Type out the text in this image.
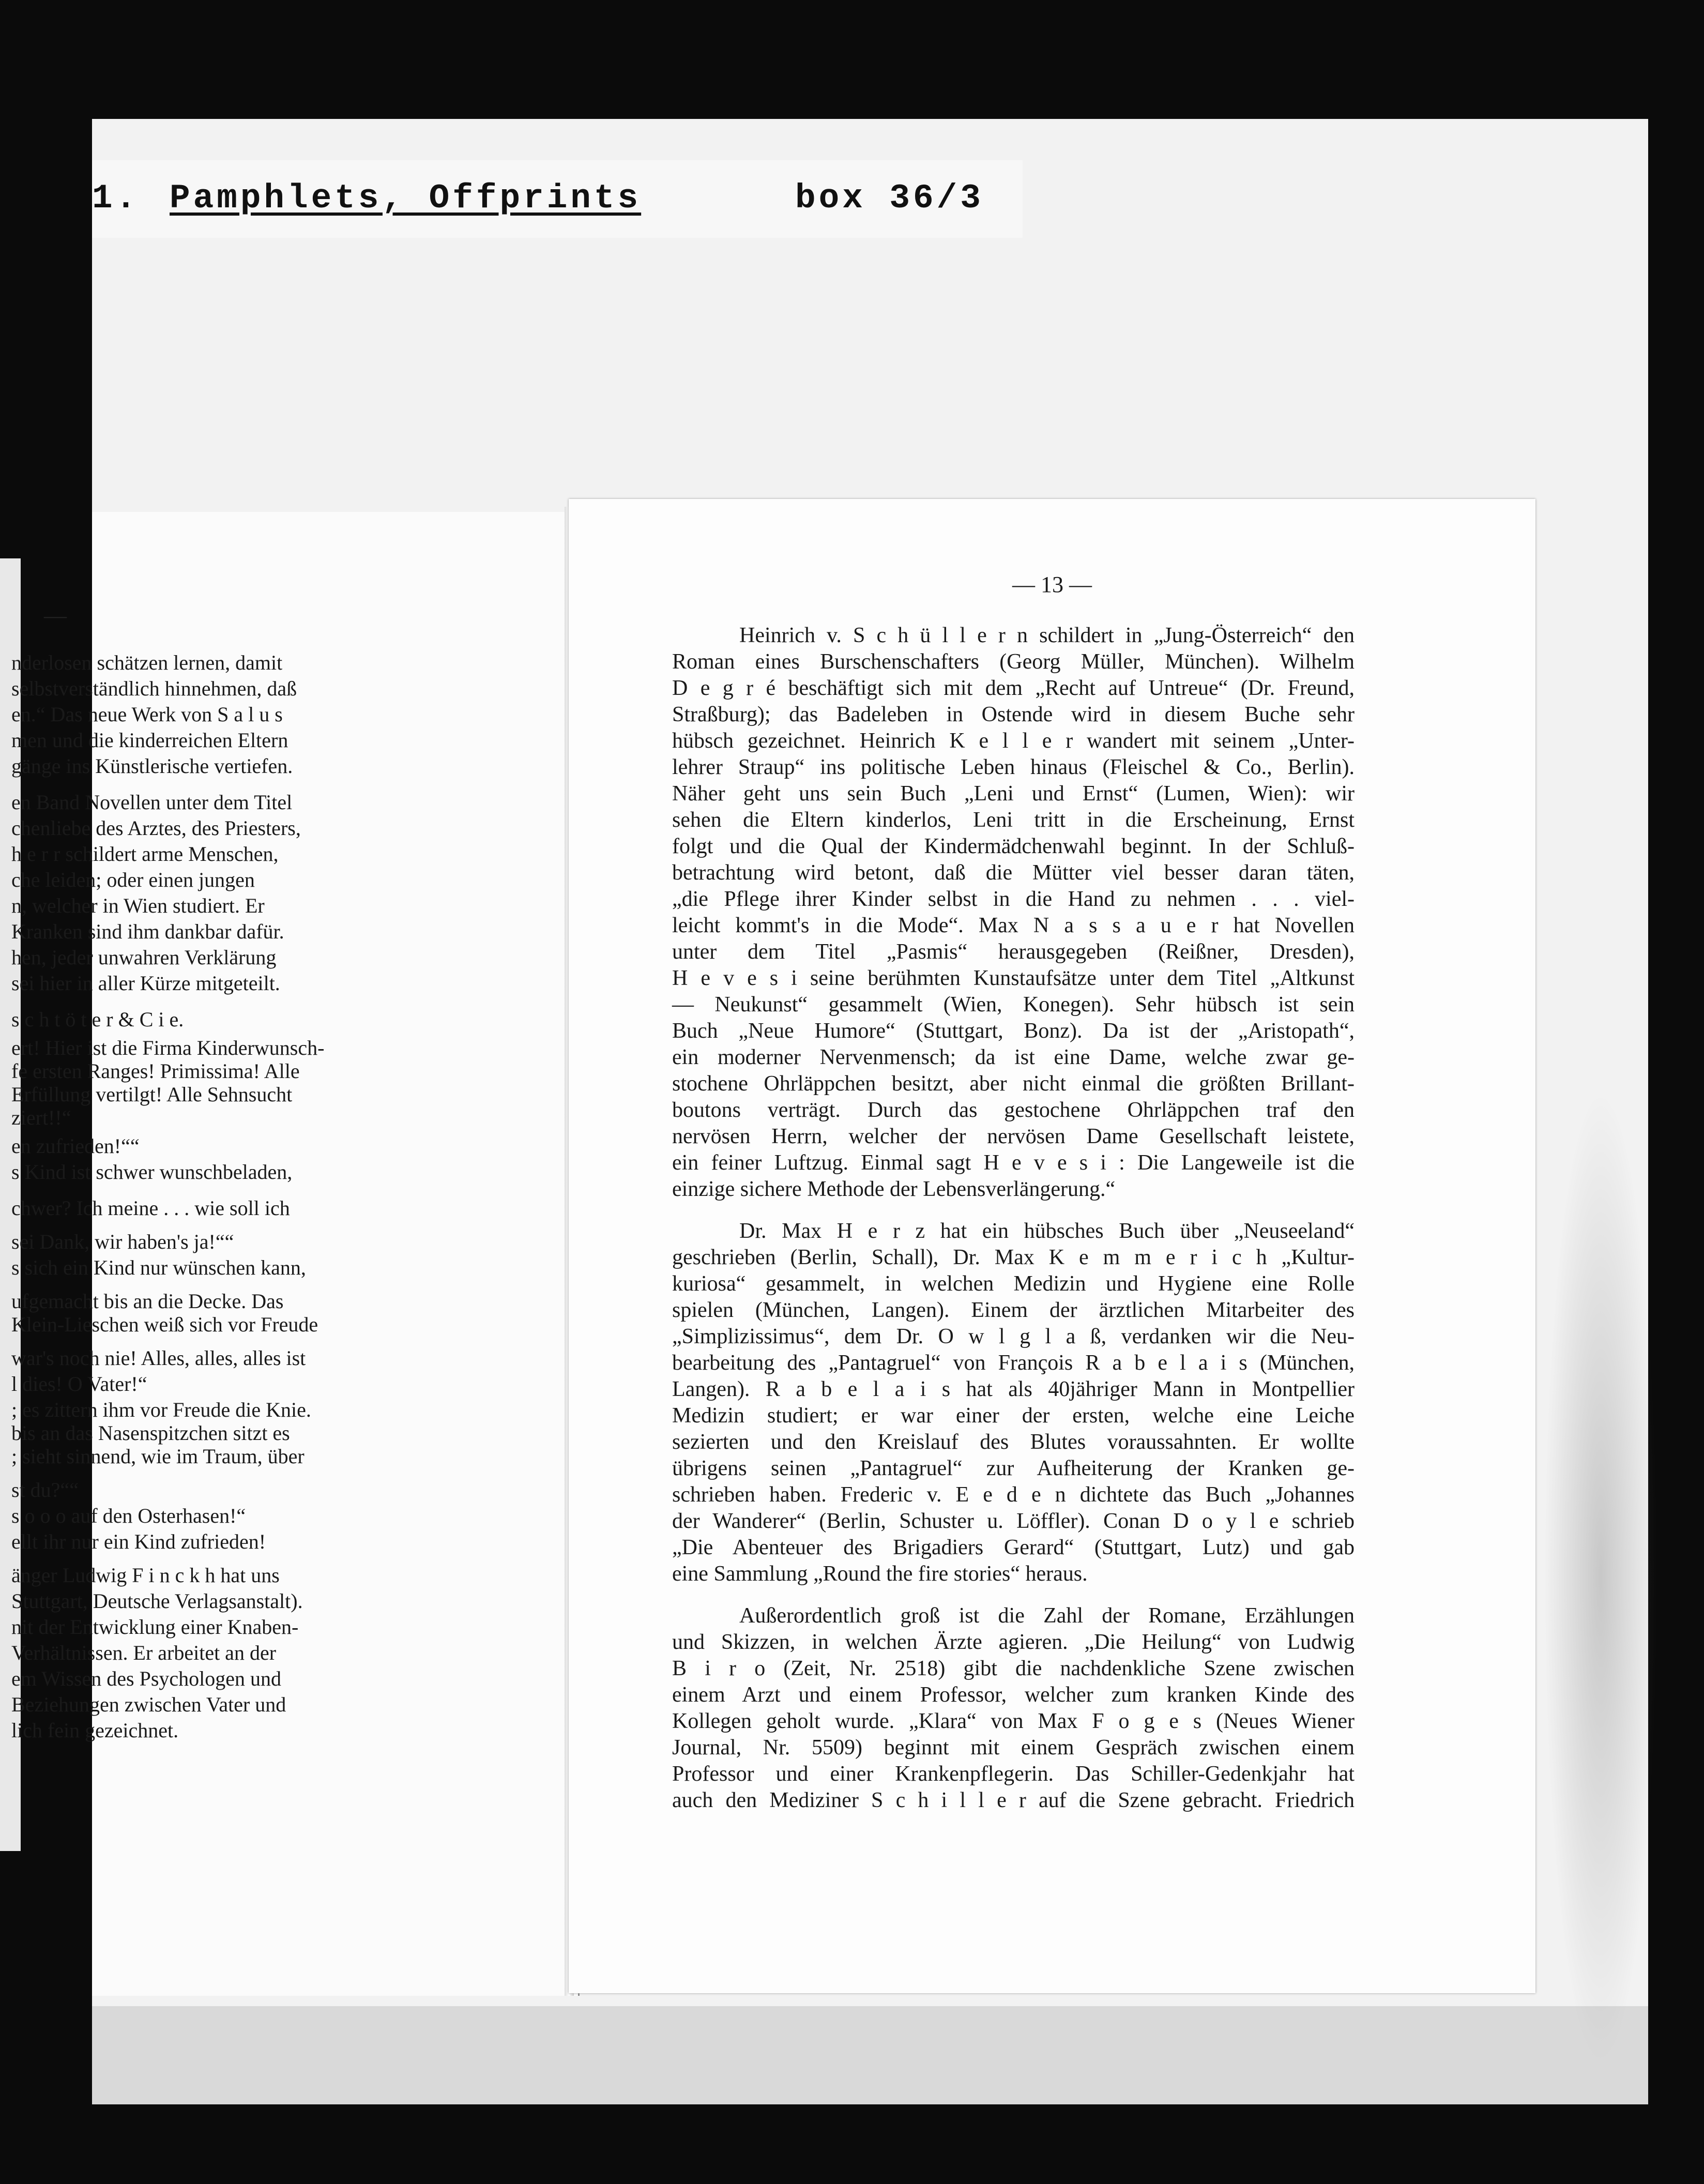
1. Pamphlets, Offprints	box 36/3
—
nderlosen schätzen lernen, damit
selbstverständlich hinnehmen, daß
en.“ Das neue Werk von S a l u s
men und die kinderreichen Eltern
gänge ins Künstlerische vertiefen.
en Band Novellen unter dem Titel
chenliebe des Arztes, des Priesters,
h e r r schildert arme Menschen,
che leiden; oder einen jungen
n, welcher in Wien studiert. Er
Kranken sind ihm dankbar dafür.
hen, jeder unwahren Verklärung
sei hier in aller Kürze mitgeteilt.
s c h t ö t e r & C i e.
ert! Hier ist die Firma Kinderwunsch-
fe ersten Ranges! Primissima! Alle
Erfüllung vertilgt! Alle Sehnsucht
ziert!!“
en zufrieden!““
s Kind ist schwer wunschbeladen,
chwer? Ich meine . . . wie soll ich
sei Dank, wir haben's ja!““
s sich ein Kind nur wünschen kann,
ufgemacht bis an die Decke. Das
Klein-Lieschen weiß sich vor Freude
war's noch nie! Alles, alles, alles ist
l dies! O Vater!“
; es zittern ihm vor Freude die Knie.
bis an das Nasenspitzchen sitzt es
; sieht sinnend, wie im Traum, über
st du?““
s o o o auf den Osterhasen!“
ellt ihr nur ein Kind zufrieden!
änger Ludwig F i n c k h hat uns
Stuttgart, Deutsche Verlagsanstalt).
nit der Entwicklung einer Knaben-
Verhältnissen. Er arbeitet an der
em Wissen des Psychologen und
Beziehungen zwischen Vater und
lich fein gezeichnet.
— 13 —
Heinrich v. S c h ü l l e r n schildert in „Jung-Österreich“ den
Roman eines Burschenschafters (Georg Müller, München). Wilhelm
D e g r é beschäftigt sich mit dem „Recht auf Untreue“ (Dr. Freund,
Straßburg); das Badeleben in Ostende wird in diesem Buche sehr
hübsch gezeichnet. Heinrich K e l l e r wandert mit seinem „Unter-
lehrer Straup“ ins politische Leben hinaus (Fleischel & Co., Berlin).
Näher geht uns sein Buch „Leni und Ernst“ (Lumen, Wien): wir
sehen die Eltern kinderlos, Leni tritt in die Erscheinung, Ernst
folgt und die Qual der Kindermädchenwahl beginnt. In der Schluß-
betrachtung wird betont, daß die Mütter viel besser daran täten,
„die Pflege ihrer Kinder selbst in die Hand zu nehmen . . . viel-
leicht kommt's in die Mode“. Max N a s s a u e r hat Novellen
unter dem Titel „Pasmis“ herausgegeben (Reißner, Dresden),
H e v e s i seine berühmten Kunstaufsätze unter dem Titel „Altkunst
— Neukunst“ gesammelt (Wien, Konegen). Sehr hübsch ist sein
Buch „Neue Humore“ (Stuttgart, Bonz). Da ist der „Aristopath“,
ein moderner Nervenmensch; da ist eine Dame, welche zwar ge-
stochene Ohrläppchen besitzt, aber nicht einmal die größten Brillant-
boutons verträgt. Durch das gestochene Ohrläppchen traf den
nervösen Herrn, welcher der nervösen Dame Gesellschaft leistete,
ein feiner Luftzug. Einmal sagt H e v e s i : Die Langeweile ist die
einzige sichere Methode der Lebensverlängerung.“
Dr. Max H e r z hat ein hübsches Buch über „Neuseeland“
geschrieben (Berlin, Schall), Dr. Max K e m m e r i c h „Kultur-
kuriosa“ gesammelt, in welchen Medizin und Hygiene eine Rolle
spielen (München, Langen). Einem der ärztlichen Mitarbeiter des
„Simplizissimus“, dem Dr. O w l g l a ß, verdanken wir die Neu-
bearbeitung des „Pantagruel“ von François R a b e l a i s (München,
Langen). R a b e l a i s hat als 40jähriger Mann in Montpellier
Medizin studiert; er war einer der ersten, welche eine Leiche
sezierten und den Kreislauf des Blutes voraussahnten. Er wollte
übrigens seinen „Pantagruel“ zur Aufheiterung der Kranken ge-
schrieben haben. Frederic v. E e d e n dichtete das Buch „Johannes
der Wanderer“ (Berlin, Schuster u. Löffler). Conan D o y l e schrieb
„Die Abenteuer des Brigadiers Gerard“ (Stuttgart, Lutz) und gab
eine Sammlung „Round the fire stories“ heraus.
Außerordentlich groß ist die Zahl der Romane, Erzählungen
und Skizzen, in welchen Ärzte agieren. „Die Heilung“ von Ludwig
B i r o (Zeit, Nr. 2518) gibt die nachdenkliche Szene zwischen
einem Arzt und einem Professor, welcher zum kranken Kinde des
Kollegen geholt wurde. „Klara“ von Max F o g e s (Neues Wiener
Journal, Nr. 5509) beginnt mit einem Gespräch zwischen einem
Professor und einer Krankenpflegerin. Das Schiller-Gedenkjahr hat
auch den Mediziner S c h i l l e r auf die Szene gebracht. Friedrich
